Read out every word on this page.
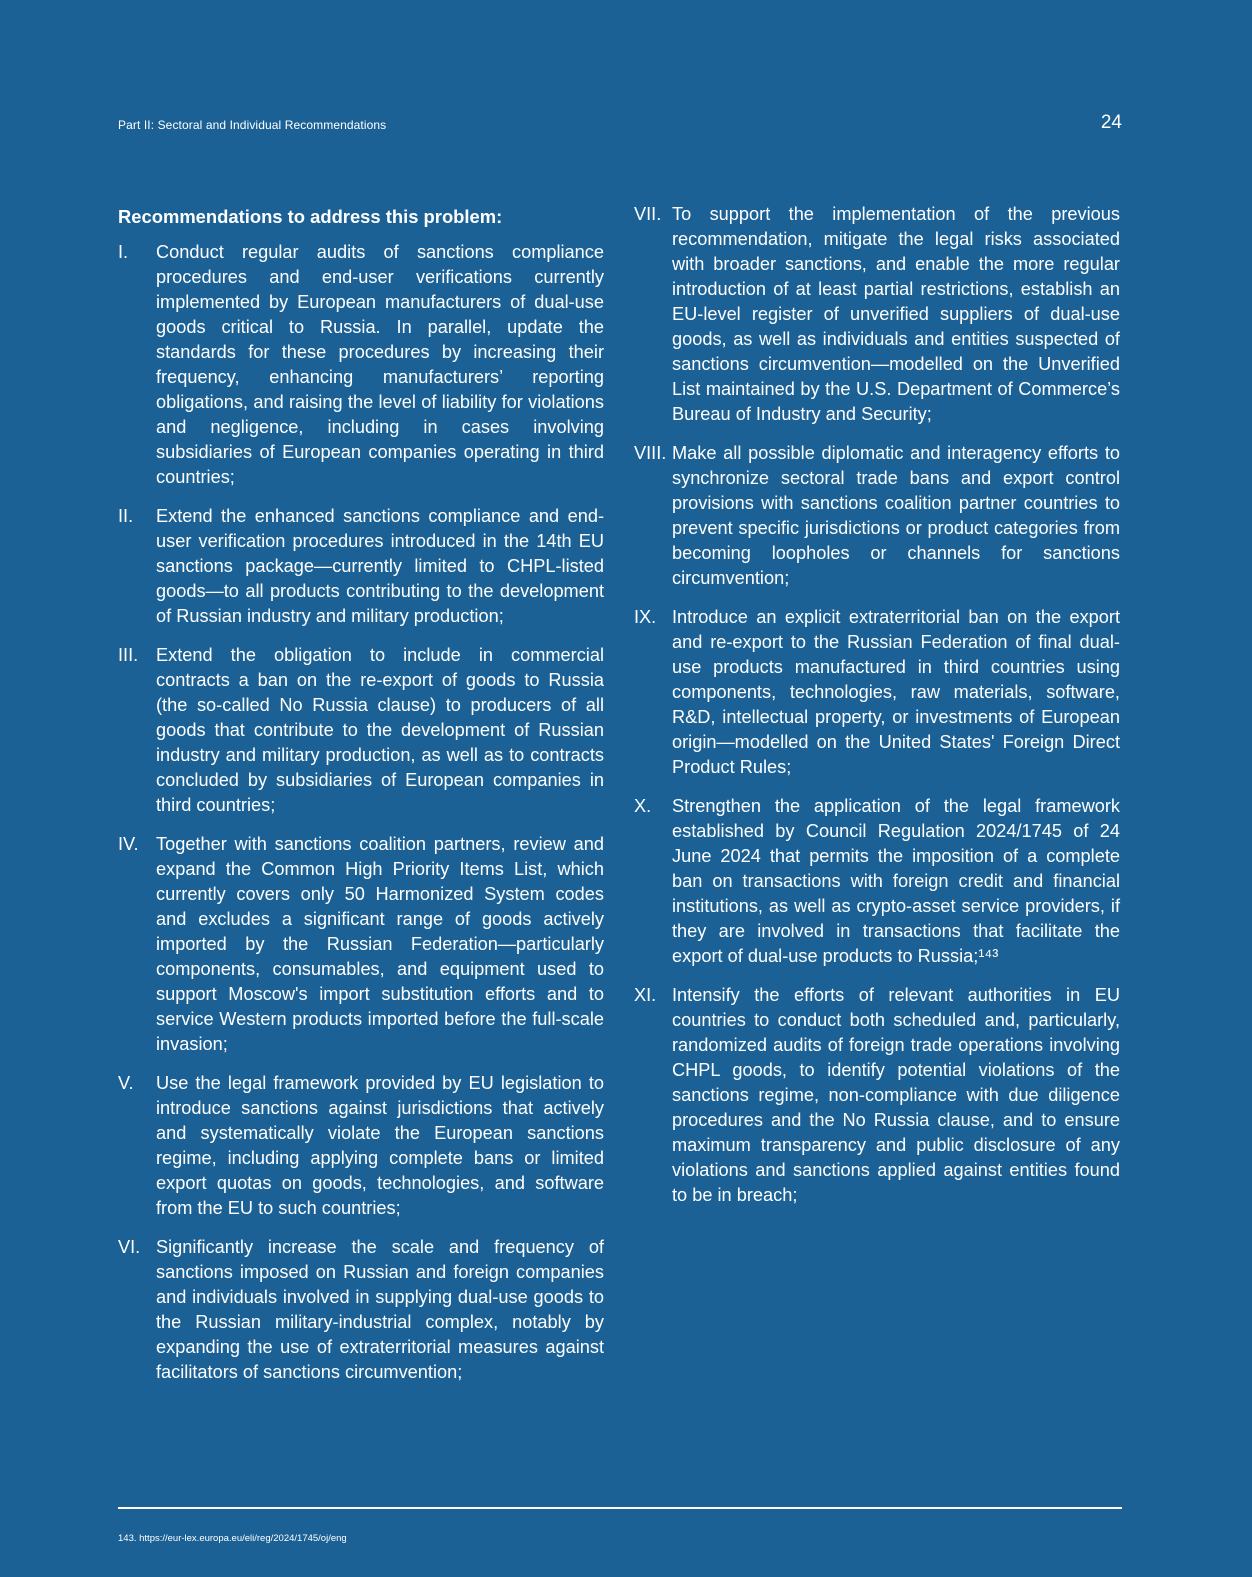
Part II: Sectoral and Individual Recommendations	24
Recommendations to address this problem:
I.	Conduct regular audits of sanctions compliance procedures and end-user verifications currently implemented by European manufacturers of dual-use goods critical to Russia. In parallel, update the standards for these procedures by increasing their frequency, enhancing manufacturers’ reporting obligations, and raising the level of liability for violations and negligence, including in cases involving subsidiaries of European companies operating in third countries;
II.	Extend the enhanced sanctions compliance and end-user verification procedures introduced in the 14th EU sanctions package—currently limited to CHPL-listed goods—to all products contributing to the development of Russian industry and military production;
III. Extend the obligation to include in commercial contracts a ban on the re-export of goods to Russia (the so-called No Russia clause) to producers of all goods that contribute to the development of Russian industry and military production, as well as to contracts concluded by subsidiaries of European companies in third countries;
IV. Together with sanctions coalition partners, review and expand the Common High Priority Items List, which currently covers only 50 Harmonized System codes and excludes a significant range of goods actively imported by the Russian Federation—particularly components, consumables, and equipment used to support Moscow's import substitution efforts and to service Western products imported before the full-scale invasion;
V.	Use the legal framework provided by EU legislation to introduce sanctions against jurisdictions that actively and systematically violate the European sanctions regime, including applying complete bans or limited export quotas on goods, technologies, and software from the EU to such countries;
VI. Significantly increase the scale and frequency of sanctions imposed on Russian and foreign companies and individuals involved in supplying dual-use goods to the Russian military-industrial complex, notably by expanding the use of extraterritorial measures against facilitators of sanctions circumvention;
VII. To support the implementation of the previous recommendation, mitigate the legal risks associated with broader sanctions, and enable the more regular introduction of at least partial restrictions, establish an EU-level register of unverified suppliers of dual-use goods, as well as individuals and entities suspected of sanctions circumvention—modelled on the Unverified List maintained by the U.S. Department of Commerce’s Bureau of Industry and Security;
VIII. Make all possible diplomatic and interagency efforts to synchronize sectoral trade bans and export control provisions with sanctions coalition partner countries to prevent specific jurisdictions or product categories from becoming loopholes or channels for sanctions circumvention;
IX. Introduce an explicit extraterritorial ban on the export and re-export to the Russian Federation of final dual-use products manufactured in third countries using components, technologies, raw materials, software, R&D, intellectual property, or investments of European origin—modelled on the United States' Foreign Direct Product Rules;
X.	Strengthen the application of the legal framework established by Council Regulation 2024/1745 of 24 June 2024 that permits the imposition of a complete ban on transactions with foreign credit and financial institutions, as well as crypto-asset service providers, if they are involved in transactions that facilitate the export of dual-use products to Russia;¹⁴³
XI. Intensify the efforts of relevant authorities in EU countries to conduct both scheduled and, particularly, randomized audits of foreign trade operations involving CHPL goods, to identify potential violations of the sanctions regime, non-compliance with due diligence procedures and the No Russia clause, and to ensure maximum transparency and public disclosure of any violations and sanctions applied against entities found to be in breach;
143. https://eur-lex.europa.eu/eli/reg/2024/1745/oj/eng
